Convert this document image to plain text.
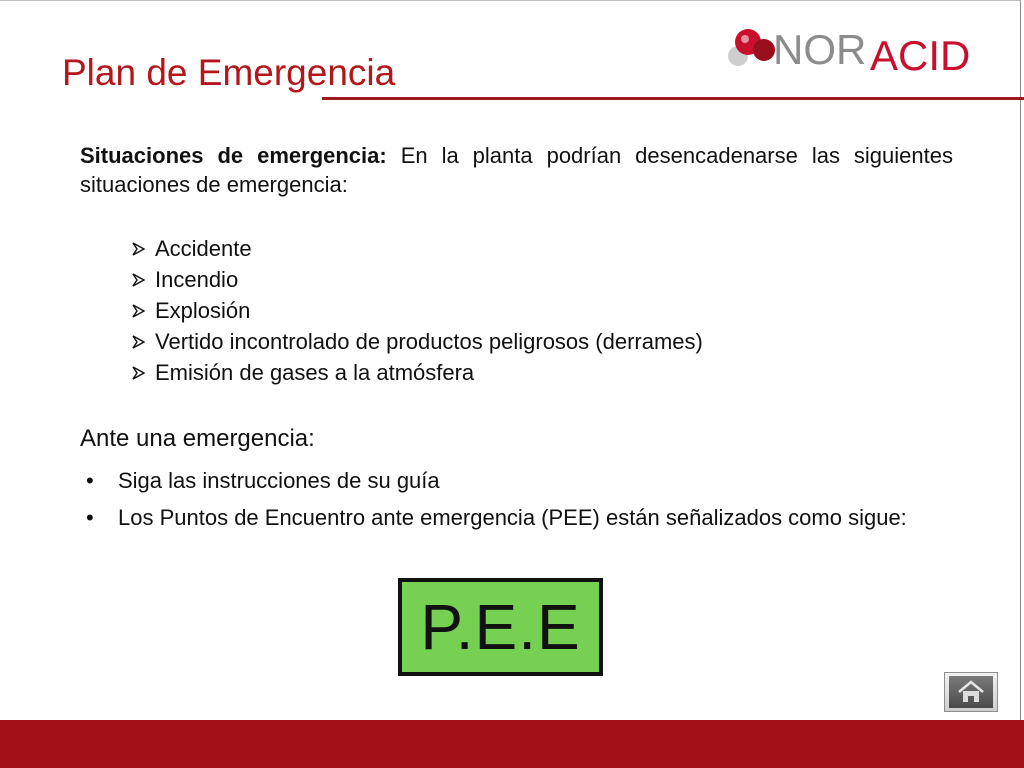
Plan de Emergencia	NOR ACID
Situaciones de emergencia: En la planta podrían desencadenarse las siguientes situaciones de emergencia:
Accidente
Incendio
Explosión
Vertido incontrolado de productos peligrosos (derrames)
Emisión de gases a la atmósfera
Ante una emergencia:
•	Siga las instrucciones de su guía
•	Los Puntos de Encuentro ante emergencia (PEE) están señalizados como sigue:
P.E.E
